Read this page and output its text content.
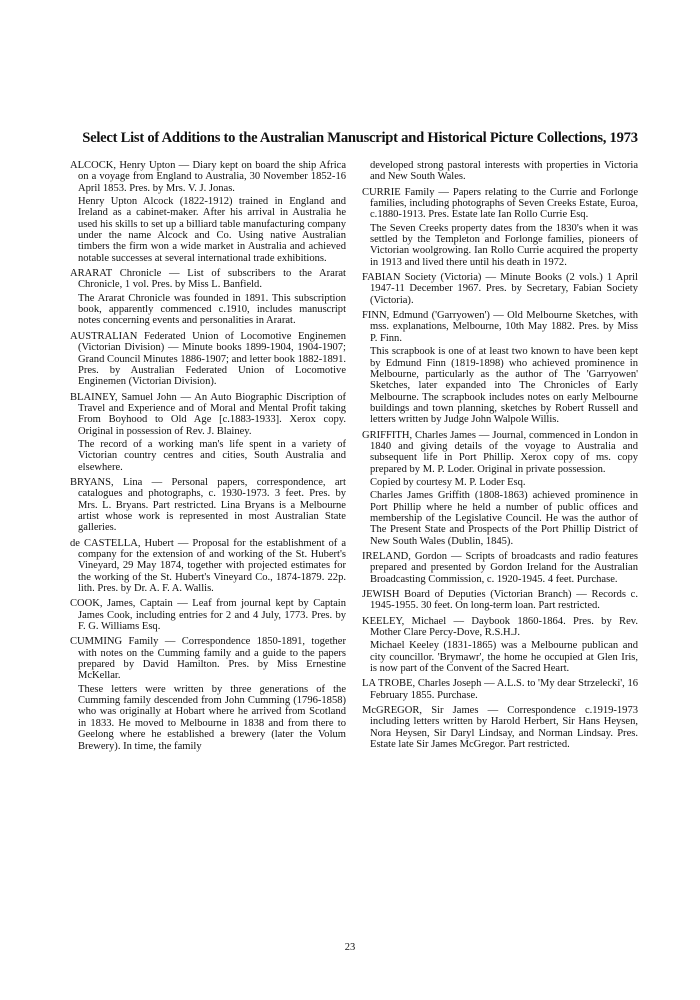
Select List of Additions to the Australian Manuscript and Historical Picture Collections, 1973

ALCOCK, Henry Upton — Diary kept on board the ship Africa on a voyage from England to Australia, 30 November 1852-16 April 1853. Pres. by Mrs. V. J. Jonas.

Henry Upton Alcock (1822-1912) trained in England and Ireland as a cabinet-maker. After his arrival in Australia he used his skills to set up a billiard table manufacturing company under the name Alcock and Co. Using native Australian timbers the firm won a wide market in Australia and achieved notable successes at several international trade exhibitions.

ARARAT Chronicle — List of subscribers to the Ararat Chronicle, 1 vol. Pres. by Miss L. Banfield.

The Ararat Chronicle was founded in 1891. This subscription book, apparently commenced c.1910, includes manuscript notes concerning events and personalities in Ararat.

AUSTRALIAN Federated Union of Locomotive Enginemen (Victorian Division) — Minute books 1899-1904, 1904-1907; Grand Council Minutes 1886-1907; and letter book 1882-1891. Pres. by Australian Federated Union of Locomotive Enginemen (Victorian Division).

BLAINEY, Samuel John — An Auto Biographic Discription of Travel and Experience and of Moral and Mental Profit taking From Boyhood to Old Age [c.1883-1933]. Xerox copy. Original in possession of Rev. J. Blainey.

The record of a working man's life spent in a variety of Victorian country centres and cities, South Australia and elsewhere.

BRYANS, Lina — Personal papers, correspondence, art catalogues and photographs, c. 1930-1973. 3 feet. Pres. by Mrs. L. Bryans. Part restricted. Lina Bryans is a Melbourne artist whose work is represented in most Australian State galleries.

de CASTELLA, Hubert — Proposal for the establishment of a company for the extension of and working of the St. Hubert's Vineyard, 29 May 1874, together with projected estimates for the working of the St. Hubert's Vineyard Co., 1874-1879. 22p. lith. Pres. by Dr. A. F. A. Wallis.

COOK, James, Captain — Leaf from journal kept by Captain James Cook, including entries for 2 and 4 July, 1773. Pres. by F. G. Williams Esq.

CUMMING Family — Correspondence 1850-1891, together with notes on the Cumming family and a guide to the papers prepared by David Hamilton. Pres. by Miss Ernestine McKellar.

These letters were written by three generations of the Cumming family descended from John Cumming (1796-1858) who was originally at Hobart where he arrived from Scotland in 1833. He moved to Melbourne in 1838 and from there to Geelong where he established a brewery (later the Volum Brewery). In time, the family

developed strong pastoral interests with properties in Victoria and New South Wales.

CURRIE Family — Papers relating to the Currie and Forlonge families, including photographs of Seven Creeks Estate, Euroa, c.1880-1913. Pres. Estate late Ian Rollo Currie Esq.

The Seven Creeks property dates from the 1830's when it was settled by the Templeton and Forlonge families, pioneers of Victorian woolgrowing. Ian Rollo Currie acquired the property in 1913 and lived there until his death in 1972.

FABIAN Society (Victoria) — Minute Books (2 vols.) 1 April 1947-11 December 1967. Pres. by Secretary, Fabian Society (Victoria).

FINN, Edmund ('Garryowen') — Old Melbourne Sketches, with mss. explanations, Melbourne, 10th May 1882. Pres. by Miss P. Finn.

This scrapbook is one of at least two known to have been kept by Edmund Finn (1819-1898) who achieved prominence in Melbourne, particularly as the author of The 'Garryowen' Sketches, later expanded into The Chronicles of Early Melbourne. The scrapbook includes notes on early Melbourne buildings and town planning, sketches by Robert Russell and letters written by Judge John Walpole Willis.

GRIFFITH, Charles James — Journal, commenced in London in 1840 and giving details of the voyage to Australia and subsequent life in Port Phillip. Xerox copy of ms. copy prepared by M. P. Loder. Original in private possession.

Copied by courtesy M. P. Loder Esq.

Charles James Griffith (1808-1863) achieved prominence in Port Phillip where he held a number of public offices and membership of the Legislative Council. He was the author of The Present State and Prospects of the Port Phillip District of New South Wales (Dublin, 1845).

IRELAND, Gordon — Scripts of broadcasts and radio features prepared and presented by Gordon Ireland for the Australian Broadcasting Commission, c. 1920-1945. 4 feet. Purchase.

JEWISH Board of Deputies (Victorian Branch) — Records c. 1945-1955. 30 feet. On long-term loan. Part restricted.

KEELEY, Michael — Daybook 1860-1864. Pres. by Rev. Mother Clare Percy-Dove, R.S.H.J.

Michael Keeley (1831-1865) was a Melbourne publican and city councillor. 'Brymawr', the home he occupied at Glen Iris, is now part of the Convent of the Sacred Heart.

LA TROBE, Charles Joseph — A.L.S. to 'My dear Strzelecki', 16 February 1855. Purchase.

McGREGOR, Sir James — Correspondence c.1919-1973 including letters written by Harold Herbert, Sir Hans Heysen, Nora Heysen, Sir Daryl Lindsay, and Norman Lindsay. Pres. Estate late Sir James McGregor. Part restricted.

23
